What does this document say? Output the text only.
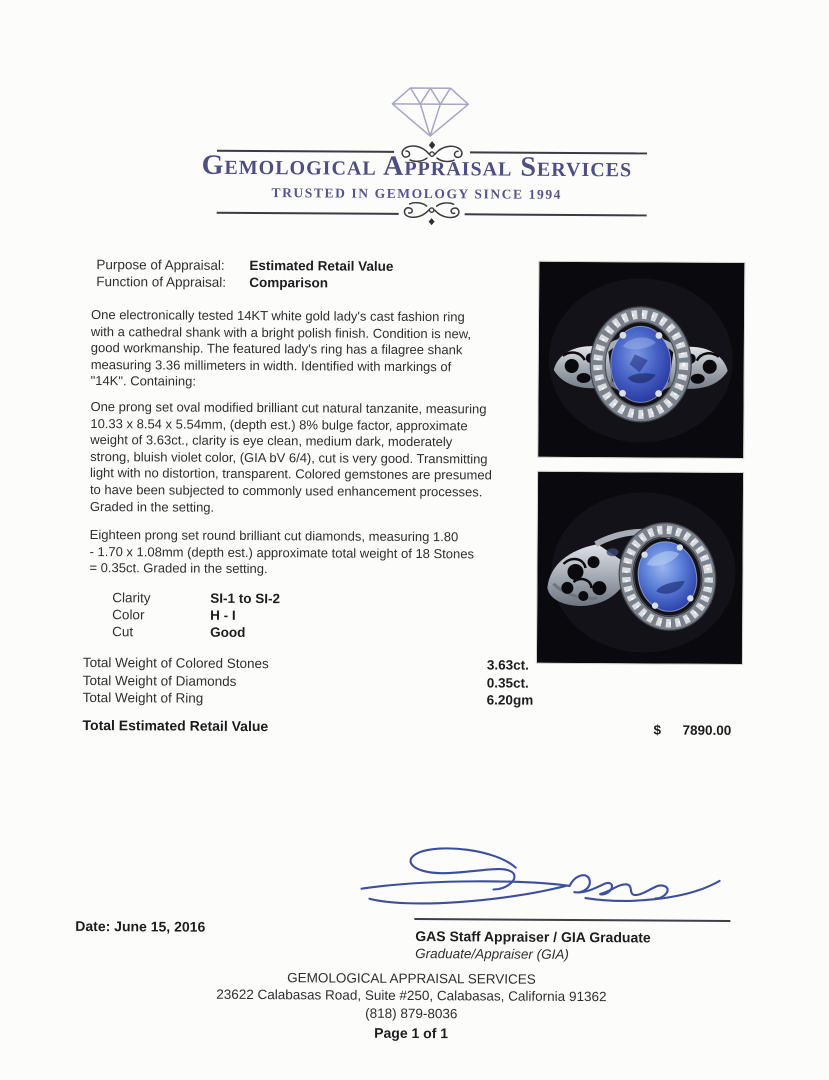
Gemological Appraisal Services
TRUSTED IN GEMOLOGY SINCE 1994
Purpose of Appraisal:	Estimated Retail Value
Function of Appraisal:	Comparison
One electronically tested 14KT white gold lady's cast fashion ring
with a cathedral shank with a bright polish finish. Condition is new,
good workmanship. The featured lady's ring has a filagree shank
measuring 3.36 millimeters in width. Identified with markings of
"14K". Containing:
One prong set oval modified brilliant cut natural tanzanite, measuring
10.33 x 8.54 x 5.54mm, (depth est.) 8% bulge factor, approximate
weight of 3.63ct., clarity is eye clean, medium dark, moderately
strong, bluish violet color, (GIA bV 6/4), cut is very good. Transmitting
light with no distortion, transparent. Colored gemstones are presumed
to have been subjected to commonly used enhancement processes.
Graded in the setting.
Eighteen prong set round brilliant cut diamonds, measuring 1.80
- 1.70 x 1.08mm (depth est.) approximate total weight of 18 Stones
= 0.35ct. Graded in the setting.
Clarity	SI-1 to SI-2
Color	H - I
Cut	Good
Total Weight of Colored Stones	3.63ct.
Total Weight of Diamonds	0.35ct.
Total Weight of Ring	6.20gm
Total Estimated Retail Value	$ 7890.00
Date: June 15, 2016
GAS Staff Appraiser / GIA Graduate
Graduate/Appraiser (GIA)
GEMOLOGICAL APPRAISAL SERVICES
23622 Calabasas Road, Suite #250, Calabasas, California 91362
(818) 879-8036
Page 1 of 1
